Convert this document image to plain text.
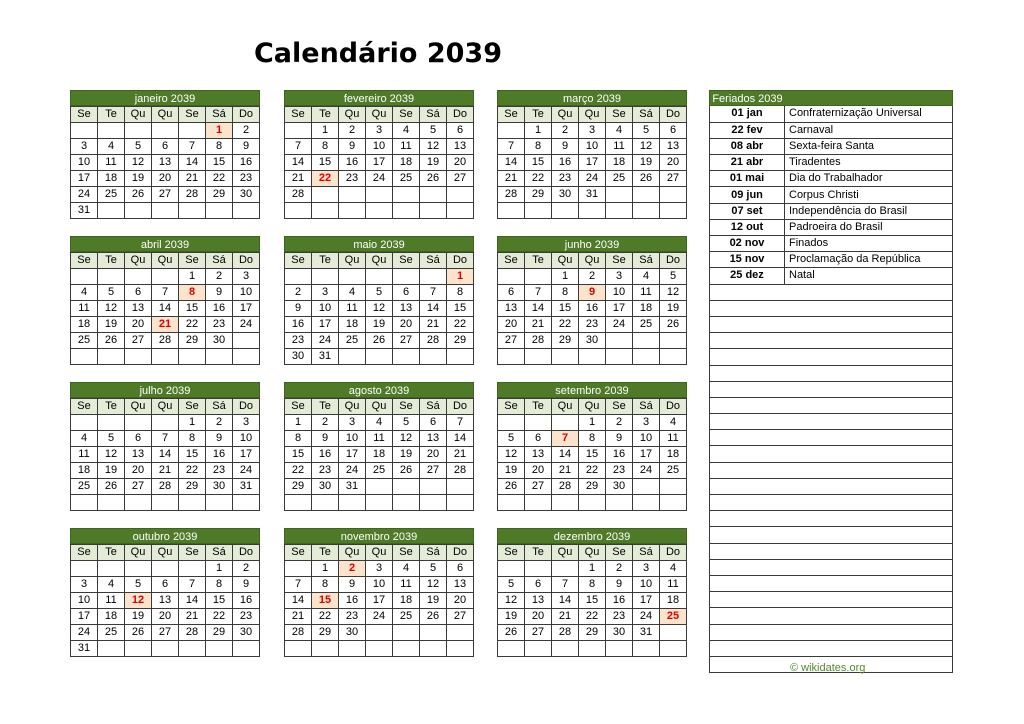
Calendário 2039
janeiro 2039
Se	Te	Qu	Qu	Se	Sá	Do
					1	2
3	4	5	6	7	8	9
10	11	12	13	14	15	16
17	18	19	20	21	22	23
24	25	26	27	28	29	30
31						
fevereiro 2039
Se	Te	Qu	Qu	Se	Sá	Do
	1	2	3	4	5	6
7	8	9	10	11	12	13
14	15	16	17	18	19	20
21	22	23	24	25	26	27
28						

março 2039
Se	Te	Qu	Qu	Se	Sá	Do
	1	2	3	4	5	6
7	8	9	10	11	12	13
14	15	16	17	18	19	20
21	22	23	24	25	26	27
28	29	30	31			

abril 2039
Se	Te	Qu	Qu	Se	Sá	Do
				1	2	3
4	5	6	7	8	9	10
11	12	13	14	15	16	17
18	19	20	21	22	23	24
25	26	27	28	29	30	

maio 2039
Se	Te	Qu	Qu	Se	Sá	Do
						1
2	3	4	5	6	7	8
9	10	11	12	13	14	15
16	17	18	19	20	21	22
23	24	25	26	27	28	29
30	31					
junho 2039
Se	Te	Qu	Qu	Se	Sá	Do
		1	2	3	4	5
6	7	8	9	10	11	12
13	14	15	16	17	18	19
20	21	22	23	24	25	26
27	28	29	30			

julho 2039
Se	Te	Qu	Qu	Se	Sá	Do
				1	2	3
4	5	6	7	8	9	10
11	12	13	14	15	16	17
18	19	20	21	22	23	24
25	26	27	28	29	30	31

agosto 2039
Se	Te	Qu	Qu	Se	Sá	Do
1	2	3	4	5	6	7
8	9	10	11	12	13	14
15	16	17	18	19	20	21
22	23	24	25	26	27	28
29	30	31				

setembro 2039
Se	Te	Qu	Qu	Se	Sá	Do
			1	2	3	4
5	6	7	8	9	10	11
12	13	14	15	16	17	18
19	20	21	22	23	24	25
26	27	28	29	30		

outubro 2039
Se	Te	Qu	Qu	Se	Sá	Do
					1	2
3	4	5	6	7	8	9
10	11	12	13	14	15	16
17	18	19	20	21	22	23
24	25	26	27	28	29	30
31						
novembro 2039
Se	Te	Qu	Qu	Se	Sá	Do
	1	2	3	4	5	6
7	8	9	10	11	12	13
14	15	16	17	18	19	20
21	22	23	24	25	26	27
28	29	30				

dezembro 2039
Se	Te	Qu	Qu	Se	Sá	Do
			1	2	3	4
5	6	7	8	9	10	11
12	13	14	15	16	17	18
19	20	21	22	23	24	25
26	27	28	29	30	31	

Feriados 2039
01 jan	Confraternização Universal
22 fev	Carnaval
08 abr	Sexta-feira Santa
21 abr	Tiradentes
01 mai	Dia do Trabalhador
09 jun	Corpus Christi
07 set	Independência do Brasil
12 out	Padroeira do Brasil
02 nov	Finados
15 nov	Proclamação da República
25 dez	Natal

© wikidates.org
